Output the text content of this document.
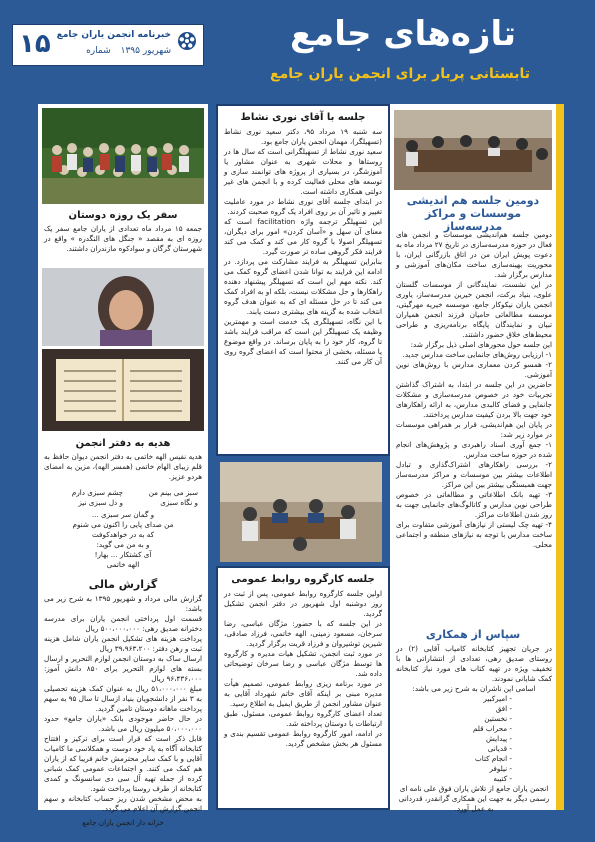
تازه‌های جامع
تابستانی پربار برای انجمن یاران جامع
۱۵ خبرنامه انجمن یاران جامع
شهریور ۱۳۹۵شماره
سفر یک روزه دوستان
جمعه ۱۵ مرداد ماه تعدادی از یاران جامع سفر یک روزه ای به مقصد « جنگل های النگدره » واقع در شهرستان گرگان و سوادکوه مازندران داشتند.
هدیه به دفتر انجمن
هدیه نفیس الهه خاتمی به دفتر انجمن دیوان حافظ به قلم زیبای الهام خاتمی (همسر الهه)، مزین به امضای هردو عزیز.
سبز می بینم من
چشم سبزی دارم
و نگاه سبزی
و دل سبزی نیز
و گمان سر سبزی ...
من صدای پایی را اکنون می شنوم
که به در خواهدکوفت
و به من می گوید:
آی کشتکار ... بهار!
الهه خاتمی
گزارش مالی
گزارش مالی مرداد و شهریور ۱۳۹۵ به شرح زیر می باشد:
قسمت اول پرداختی انجمن یاران برای مدرسه دخترانه صدیق رهی: ۵۰۰،۰۰۰،۰۰۰ ریال
پرداخت هزینه های تشکیل انجمن یاران شامل هزینه ثبت و رهن دفتر: ۳۹،۹۶۳،۲۰۰ ریال
ارسال ساک به دوستان انجمن لوازم التحریر و ارسال بسته های لوازم التحریر برای ۸۵۰ دانش آموز: ۹۶،۴۳۶،۰۰۰ ریال
مبلغ ۵۱،۰۰۰،۰۰۰ ریال به عنوان کمک هزینه تحصیلی به ۳ نفر از دانشجویان بنیاد ازسال تا سال ۹۵ به سهم پرداخت ماهانه دوستان تامین گردید.
در حال حاضر موجودی بانک «یاران جامع» حدود ۵۰،۰۰۰،۰۰۰ میلیون ریال می باشد.
قابل ذکر است که قرار است برای ترکیز و افتتاح کتابخانه آگاه به یاد خود دوست و همکلاسی ما کامیاب آقایی و با کمک سایر محترمش خانم فریبا که از یاران هم کمک می کنند. و اجتماعات عمومی کمک شبانی کرده از جمله تهیه آل سی دی سانسونگ و کمدی کتابخانه از طرف روستا پرداخت شود.
به محض مشخص شدن ریز حساب کتابخانه و سهم انجمن گزارش آن اعلام می گردد.
خزانه دار انجمن یاران جامع
جلسه با آقای نوری نشاط
سه شنبه ۱۹ مرداد ۹۵، دکتر سعید نوری نشاط (تسهیلگر)، مهمان انجمن یاران جامع بود.
سعید نوری نشاط از تسهیلگرانی است که سال ها در روستاها و محلات شهری به عنوان مشاور یا آموزشگر، در بسیاری از پروژه های توانمند سازی و توسعه های محلی فعالیت کرده و با انجمن های غیر دولتی همکاری داشته است.
در ابتدای جلسه آقای نوری نشاط در مورد عاملیت تغییر و تاثیر آن بر روی افراد یک گروه صحبت کردند.
این تسهیلگر ترجمه واژه facilitation است که معنای آن سهل و «آسان کردن» امور برای دیگران، تسهیلگر اصولا با گروه کار می کند و کمک می کند فرایند فکر گروهی ساده تر صورت گیرد.
بنابراین تسهیلگر به فرایند مشارکت می پردازد. در ادامه این فرایند به توانا شدن اعضای گروه کمک می کند. نکته مهم این است که تسهیلگر پیشنهاد دهنده راهکارها و حل مشکلات نیست، بلکه او به افراد کمک می کند تا در حل مسئله ای که به عنوان هدف گروه انتخاب شده به گزینه های بیشتری دست یابند.
با این نگاه، تسهیلگری یک خدمت است و مهمترین وظیفه یک تسهیلگر این است که مراقب فرایند باشد تا گروه، کار خود را به پایان برساند. در واقع موضوع یا مسئله، بخشی از محتوا است که اعضای گروه روی آن کار می کنند.
جلسه کارگروه روابط عمومی
اولین جلسه کارگروه روابط عمومی، پس از ثبت در روز دوشنبه اول شهریور در دفتر انجمن تشکیل گردید.
در این جلسه که با حضور: مژگان عباسی، رضا سرخان، مسعود زمینی، الهه خاتمی، فرزاد صادقی، شیرین توشیروان و فرزاد قربت برگزار گردید.
در مورد ثبت انجمن، تشکیل هیات مدیره و کارگروه ها توسط مژگان عباسی و رضا سرخان توضیحاتی داده شد.
در مورد برنامه ریزی روابط عمومی، تصمیم هیأت مدیره مبنی بر اینکه آقای خاتم شهرداد آقایی به عنوان مشاور انجمن از طریق ایمیل به اطلاع رسید.
تعداد اعضای کارگروه روابط عمومی، مسئول، طبق ارتباطات با دوستان پرداخته شد.
در ادامه، امور کارگروه روابط عمومی تقسیم بندی و مسئول هر بخش مشخص گردید.
دومین جلسه هم اندیشی موسسات و مراکز مدرسه‌ساز
دومین جلسه هم‌اندیشی موسسات و انجمن های فعال در حوزه مدرسه‌سازی در تاریخ ۲۷ مرداد ماه به دعوت پویش ایران من در اتاق بازرگانی ایران، با محوریت بهینه‌سازی ساخت مکان‌های آموزشی و مدارس برگزار شد.
در این نشست، نمایندگانی از موسسات گلستان علوی، بنیاد برکت، انجمن خیرین مدرسه‌ساز، یاوری انجمن یاران نیکوکار جامع، موسسه خیریه مهرگیتی، موسسه مطالعاتی حامیان فرزند انجمن همیاران تبیان و نمایندگان پایگاه برنامه‌ریزی و طراحی محیط‌های خلاق حضور داشتند.
این جلسه حول محورهای اصلی ذیل برگزار شد:
۱- ارزیابی روش‌های جانمایی ساخت مدارس جدید.
۲- همسو کردن معماری مدارس با روش‌های نوین آموزشی.
حاضرین در این جلسه در ابتدا، به اشتراک گذاشتن تجربیات خود در خصوص مدرسه‌سازی و مشکلات جانمایی و فضای کالبدی مدارس، به ارائه راهکارهای خود جهت بالا بردن کیفیت مدارس پرداختند.
در پایان این هم‌اندیشی، قرار بر همراهی موسسات در موارد زیر شد:
۱- جمع آوری اسناد راهبردی و پژوهش‌های انجام شده در حوزه ساخت مدارس.
۲- بررسی راهکارهای اشتراک‌گذاری و تبادل اطلاعات بیشتر بین موسسات و مراکز مدرسه‌ساز جهت همبستگی بیشتر بین این مراکز.
۳- تهیه بانک اطلاعاتی و مطالعاتی در خصوص طراحی نوین مدارس و کاتالوگ‌های جانمایی جهت به روز شدن اطلاعات مراکز.
۴- تهیه چک لیستی از نیازهای آموزشی متفاوت برای ساخت مدارس با توجه به نیازهای منطقه و اجتماعی محلی.
سپاس از همکاری
در جریان تجهیز کتابخانه کامیاب آقایی (۲) در روستای صدیق رهی، تعدادی از انتشاراتی ها با تخفیف ویژه در تهیه کتاب های مورد نیاز کتابخانه کمک شایانی نمودند.
اسامی این ناشران به شرح زیر می باشد:
- امیرکبیر
- افق
- نخستین
- محراب قلم
- پیدایش
- قدیانی
- انجام کتاب
- نیلوفر
- کتیبه
انجمن یاران جامع از تلاش یاران فوق علی نامه ای رسمی دیگر به جهت این همکاری گرانقدر، قدردانی به عمل آورد.
